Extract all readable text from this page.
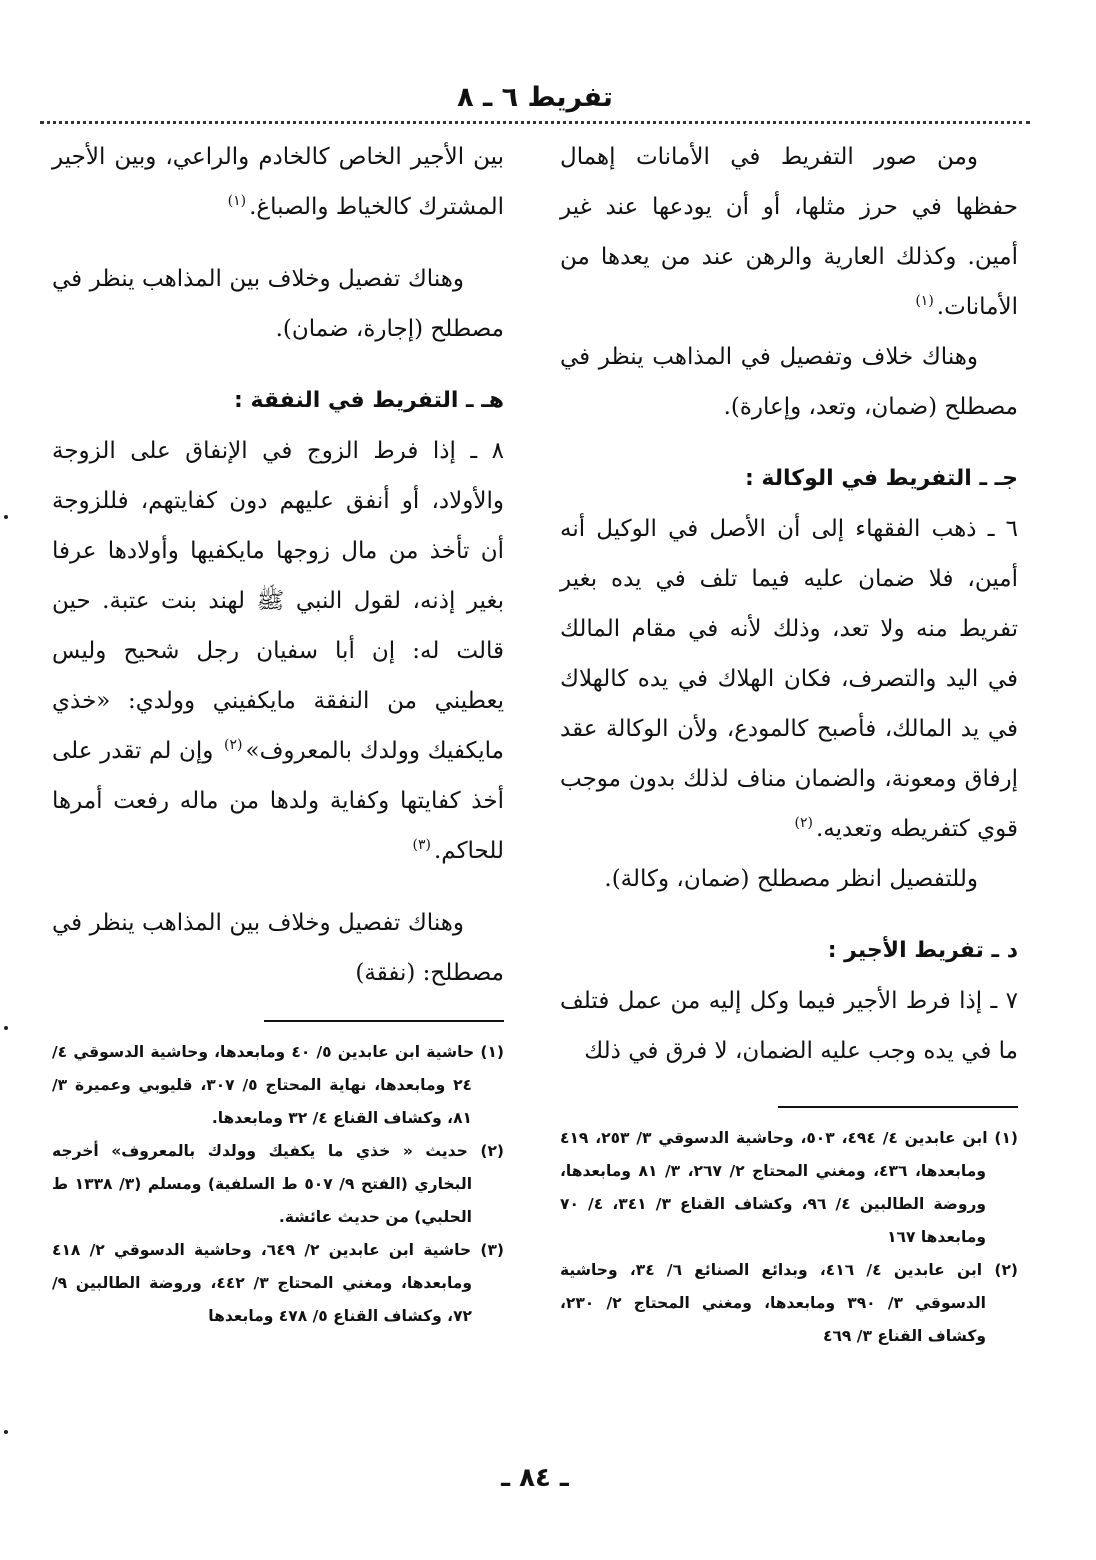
تفريط ٦ ـ ٨

ومن صور التفريط في الأمانات إهمال حفظها في حرز مثلها، أو أن يودعها عند غير أمين. وكذلك العارية والرهن عند من يعدها من الأمانات.$^{(١)}$

وهناك خلاف وتفصيل في المذاهب ينظر في مصطلح (ضمان، وتعد، وإعارة).

جـ ـ التفريط في الوكالة :

٦ ـ ذهب الفقهاء إلى أن الأصل في الوكيل أنه أمين، فلا ضمان عليه فيما تلف في يده بغير تفريط منه ولا تعد، وذلك لأنه في مقام المالك في اليد والتصرف، فكان الهلاك في يده كالهلاك في يد المالك، فأصبح كالمودع، ولأن الوكالة عقد إرفاق ومعونة، والضمان مناف لذلك بدون موجب قوي كتفريطه وتعديه.$^{(٢)}$

وللتفصيل انظر مصطلح (ضمان، وكالة).

د ـ تفريط الأجير :

٧ ـ إذا فرط الأجير فيما وكل إليه من عمل فتلف ما في يده وجب عليه الضمان، لا فرق في ذلك

(١) ابن عابدين ٤/ ٤٩٤، ٥٠٣، وحاشية الدسوقي ٣/ ٢٥٣، ٤١٩ ومابعدها، ٤٣٦، ومغني المحتاج ٢/ ٢٦٧، ٣/ ٨١ ومابعدها، وروضة الطالبين ٤/ ٩٦، وكشاف القناع ٣/ ٣٤١، ٤/ ٧٠ ومابعدها ١٦٧

(٢) ابن عابدين ٤/ ٤١٦، وبدائع الصنائع ٦/ ٣٤، وحاشية الدسوقي ٣/ ٣٩٠ ومابعدها، ومغني المحتاج ٢/ ٢٣٠، وكشاف القناع ٣/ ٤٦٩

بين الأجير الخاص كالخادم والراعي، وبين الأجير المشترك كالخياط والصباغ.$^{(١)}$

وهناك تفصيل وخلاف بين المذاهب ينظر في مصطلح (إجارة، ضمان).

هـ ـ التفريط في النفقة :

٨ ـ إذا فرط الزوج في الإنفاق على الزوجة والأولاد، أو أنفق عليهم دون كفايتهم، فللزوجة أن تأخذ من مال زوجها مايكفيها وأولادها عرفا بغير إذنه، لقول النبي ﷺ لهند بنت عتبة. حين قالت له: إن أبا سفيان رجل شحيح وليس يعطيني من النفقة مايكفيني وولدي: «خذي مايكفيك وولدك بالمعروف»$^{(٢)}$ وإن لم تقدر على أخذ كفايتها وكفاية ولدها من ماله رفعت أمرها للحاكم.$^{(٣)}$

وهناك تفصيل وخلاف بين المذاهب ينظر في مصطلح: (نفقة)

(١) حاشية ابن عابدين ٥/ ٤٠ ومابعدها، وحاشية الدسوقي ٤/ ٢٤ ومابعدها، نهاية المحتاج ٥/ ٣٠٧، قليوبي وعميرة ٣/ ٨١، وكشاف القناع ٤/ ٣٢ ومابعدها.

(٢) حديث « خذي ما يكفيك وولدك بالمعروف» أخرجه البخاري (الفتح ٩/ ٥٠٧ ط السلفية) ومسلم (٣/ ١٣٣٨ ط الحلبي) من حديث عائشة.

(٣) حاشية ابن عابدين ٢/ ٦٤٩، وحاشية الدسوقي ٢/ ٤١٨ ومابعدها، ومغني المحتاج ٣/ ٤٤٢، وروضة الطالبين ٩/ ٧٢، وكشاف القناع ٥/ ٤٧٨ ومابعدها

ـ ٨٤ ـ
